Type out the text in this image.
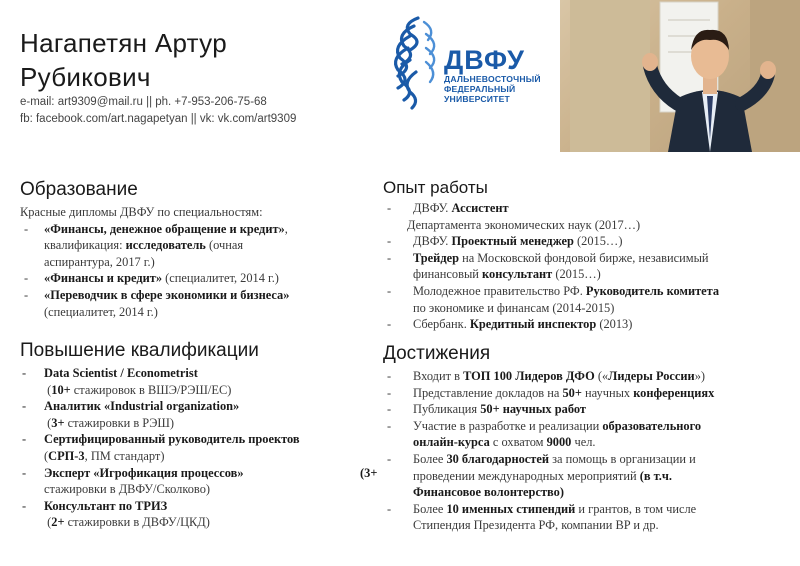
Нагапетян Артур
Рубикович
e-mail: art9309@mail.ru || ph. +7-953-206-75-68
fb: facebook.com/art.nagapetyan || vk: vk.com/art9309
ДВФУ
ДАЛЬНЕВОСТОЧНЫЙ
ФЕДЕРАЛЬНЫЙ
УНИВЕРСИТЕТ
Образование
Красные дипломы ДВФУ по специальностям:
- «Финансы, денежное обращение и кредит»,
квалификация: исследователь (очная
аспирантура, 2017 г.)
- «Финансы и кредит» (специалитет, 2014 г.)
- «Переводчик в сфере экономики и бизнеса»
(специалитет, 2014 г.)
Повышение квалификации
- Data Scientist / Econometrist
(10+ стажировок в ВШЭ/РЭШ/ЕС)
- Аналитик «Industrial organization»
(3+ стажировки в РЭШ)
- Сертифицированный руководитель проектов
(СРП-3, ПМ стандарт)
- Эксперт «Игрофикация процессов»	(3+

стажировки в ДВФУ/Сколково)
- Консультант по ТРИЗ
(2+ стажировки в ДВФУ/ЦКД)
Опыт работы
- ДВФУ. Ассистент
Департамента экономических наук (2017…)
- ДВФУ. Проектный менеджер (2015…)
- Трейдер на Московской фондовой бирже, независимый
финансовый консультант (2015…)
- Молодежное правительство РФ. Руководитель комитета
по экономике и финансам (2014-2015)
- Сбербанк. Кредитный инспектор (2013)
Достижения
- Входит в ТОП 100 Лидеров ДФО («Лидеры России»)
- Представление докладов на 50+ научных конференциях
- Публикация 50+ научных работ
- Участие в разработке и реализации образовательного
онлайн-курса с охватом 9000 чел.
- Более 30 благодарностей за помощь в организации и
проведении международных мероприятий (в т.ч.
Финансовое волонтерство)
- Более 10 именных стипендий и грантов, в том числе
Стипендия Президента РФ, компании BP и др.
